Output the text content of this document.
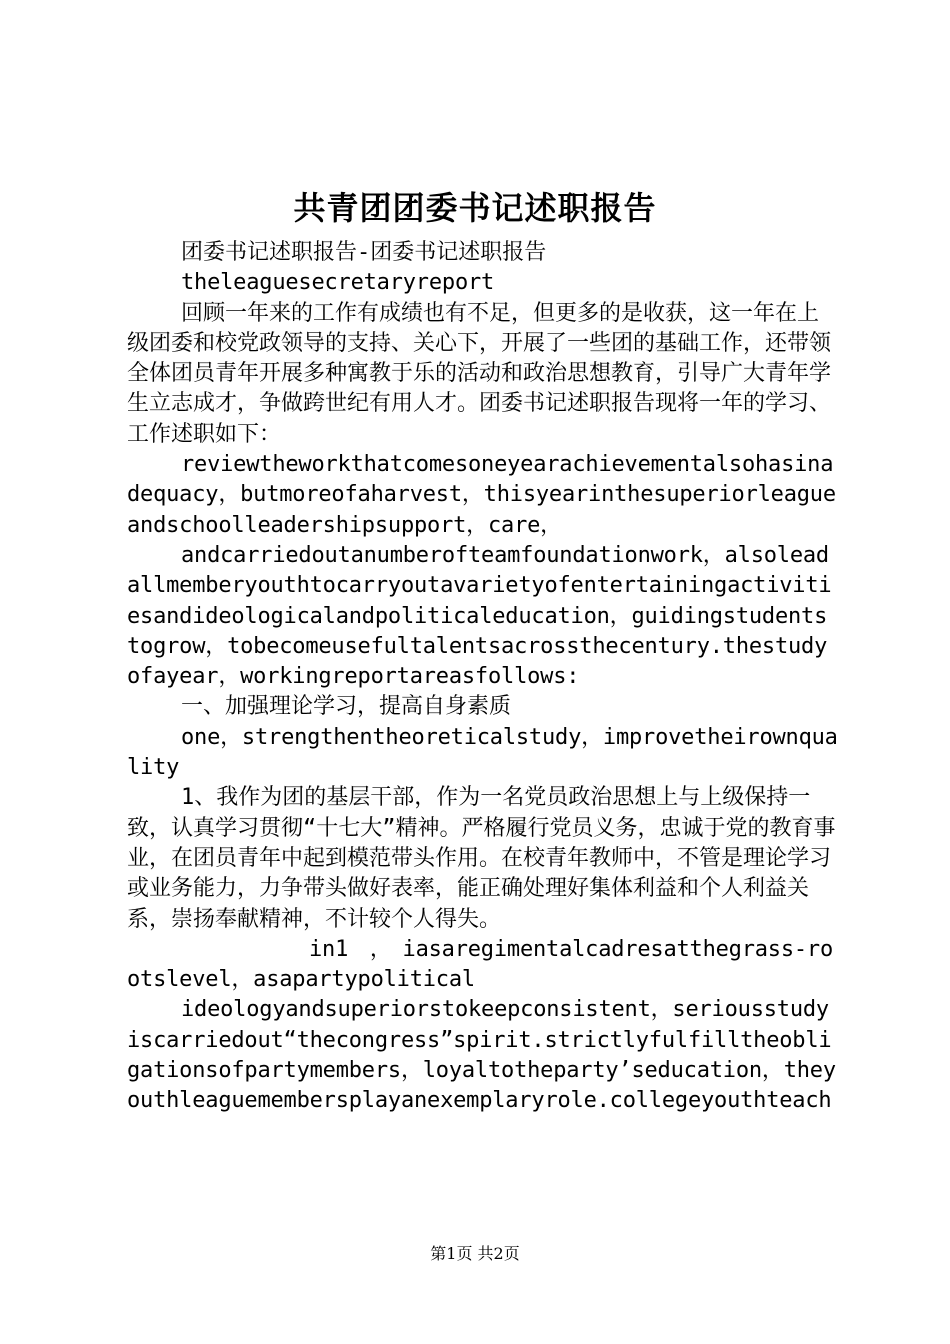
共青团团委书记述职报告

团委书记述职报告-团委书记述职报告

theleaguesecretaryreport

回顾一年来的工作有成绩也有不足，但更多的是收获，这一年在上级团委和校党政领导的支持、关心下，开展了一些团的基础工作，还带领全体团员青年开展多种寓教于乐的活动和政治思想教育，引导广大青年学生立志成才，争做跨世纪有用人才。团委书记述职报告现将一年的学习、工作述职如下：

reviewtheworkthatcomesoneyearachievementalsohasinadequacy，butmoreofaharvest，thisyearinthesuperiorleagueandschoolleadershipsupport，care，

andcarriedoutanumberofteamfoundationwork，alsoleadallmemberyouthtocarryoutavarietyofentertainingactivitiesandideologicalandpoliticaleducation，guidingstudentstogrow，tobecomeusefultalentsacrossthecentury.thestudyofayear，workingreportareasfollows:

一、加强理论学习，提高自身素质

one，strengthentheoreticalstudy，improvetheirownquality

1、我作为团的基层干部，作为一名党员政治思想上与上级保持一致，认真学习贯彻“十七大”精神。严格履行党员义务，忠诚于党的教育事业，在团员青年中起到模范带头作用。在校青年教师中，不管是理论学习或业务能力，力争带头做好表率，能正确处理好集体利益和个人利益关系，崇扬奉献精神，不计较个人得失。

in1　，　iasaregimentalcadresatthegrass-rootslevel，asapartypolitical

ideologyandsuperiorstokeepconsistent，seriousstudyiscarriedout“thecongress”spirit.strictlyfulfilltheobligationsofpartymembers，loyaltotheparty’seducation，theyouthleaguemembersplayanexemplaryrole.collegeyouthteach

第1页 共2页
